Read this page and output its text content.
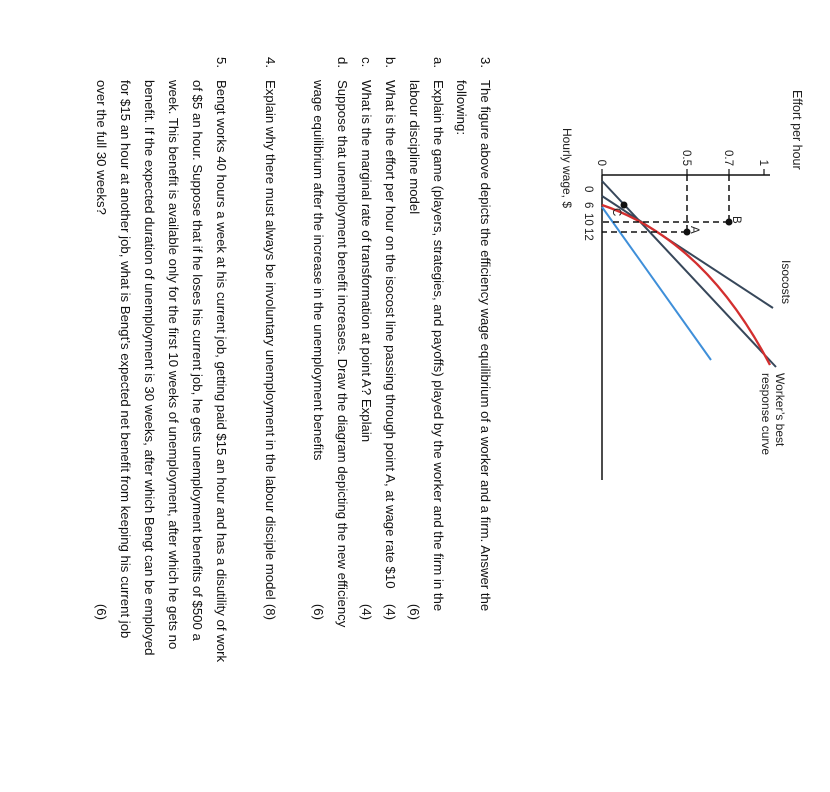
1
0.7
0.5
0
0
6
10
12
Effort per hour
Hourly wage, $
A
B
C
Isocosts
Worker’s best
response curve
3.
The figure above depicts the efficiency wage equilibrium of a worker and a firm. Answer the
following:
a.
Explain the game (players, strategies, and payoffs) played by the worker and the firm in the
labour discipline model
(6)
b.
What is the effort per hour on the isocost line passing through point A, at wage rate $10
(4)
c.
What is the marginal rate of transformation at point A? Explain
(4)
d.
Suppose that unemployment benefit increases. Draw the diagram depicting the new efficiency
wage equilibrium after the increase in the unemployment benefits
(6)
4.
Explain why there must always be involuntary unemployment in the labour disciple model
(8)
5.
Bengt works 40 hours a week at his current job, getting paid $15 an hour and has a disutility of work
of $5 an hour. Suppose that if he loses his current job, he gets unemployment benefits of $500 a
week. This benefit is available only for the first 10 weeks of unemployment, after which he gets no
benefit. If the expected duration of unemployment is 30 weeks, after which Bengt can be employed
for $15 an hour at another job, what is Bengt’s expected net benefit from keeping his current job
over the full 30 weeks?
(6)
